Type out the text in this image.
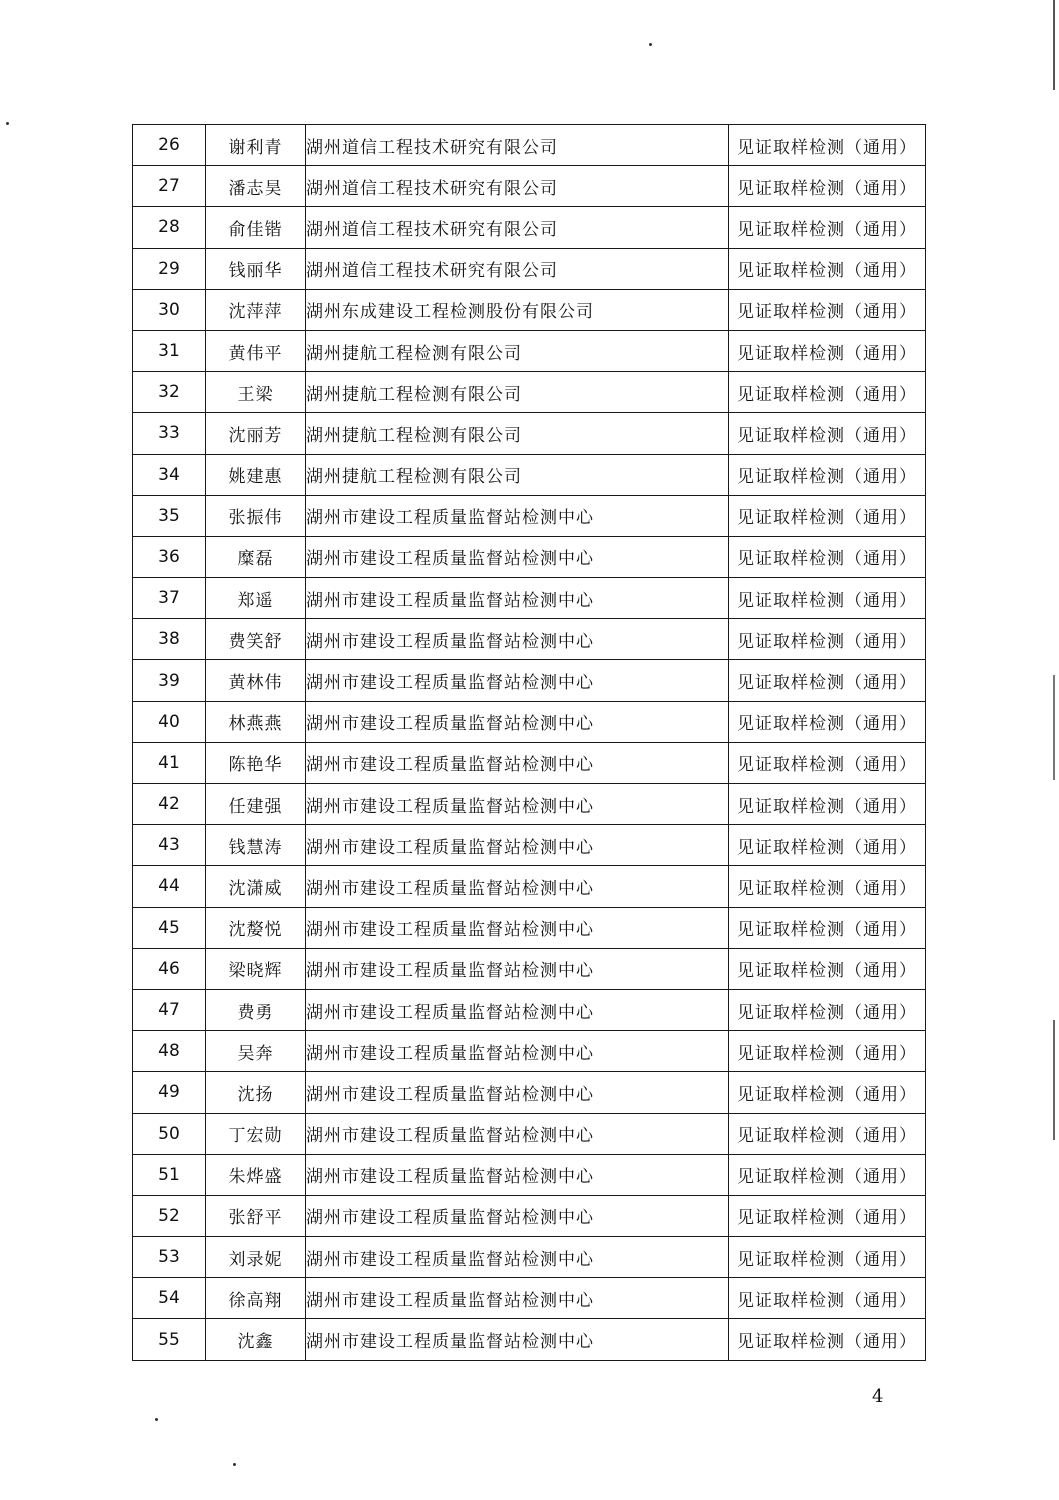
26	谢利青	湖州道信工程技术研究有限公司	见证取样检测（通用）
27	潘志昊	湖州道信工程技术研究有限公司	见证取样检测（通用）
28	俞佳锴	湖州道信工程技术研究有限公司	见证取样检测（通用）
29	钱丽华	湖州道信工程技术研究有限公司	见证取样检测（通用）
30	沈萍萍	湖州东成建设工程检测股份有限公司	见证取样检测（通用）
31	黄伟平	湖州捷航工程检测有限公司	见证取样检测（通用）
32	王梁	湖州捷航工程检测有限公司	见证取样检测（通用）
33	沈丽芳	湖州捷航工程检测有限公司	见证取样检测（通用）
34	姚建惠	湖州捷航工程检测有限公司	见证取样检测（通用）
35	张振伟	湖州市建设工程质量监督站检测中心	见证取样检测（通用）
36	糜磊	湖州市建设工程质量监督站检测中心	见证取样检测（通用）
37	郑遥	湖州市建设工程质量监督站检测中心	见证取样检测（通用）
38	费笑舒	湖州市建设工程质量监督站检测中心	见证取样检测（通用）
39	黄林伟	湖州市建设工程质量监督站检测中心	见证取样检测（通用）
40	林燕燕	湖州市建设工程质量监督站检测中心	见证取样检测（通用）
41	陈艳华	湖州市建设工程质量监督站检测中心	见证取样检测（通用）
42	任建强	湖州市建设工程质量监督站检测中心	见证取样检测（通用）
43	钱慧涛	湖州市建设工程质量监督站检测中心	见证取样检测（通用）
44	沈潇威	湖州市建设工程质量监督站检测中心	见证取样检测（通用）
45	沈嫠悦	湖州市建设工程质量监督站检测中心	见证取样检测（通用）
46	梁晓辉	湖州市建设工程质量监督站检测中心	见证取样检测（通用）
47	费勇	湖州市建设工程质量监督站检测中心	见证取样检测（通用）
48	吴奔	湖州市建设工程质量监督站检测中心	见证取样检测（通用）
49	沈扬	湖州市建设工程质量监督站检测中心	见证取样检测（通用）
50	丁宏勋	湖州市建设工程质量监督站检测中心	见证取样检测（通用）
51	朱烨盛	湖州市建设工程质量监督站检测中心	见证取样检测（通用）
52	张舒平	湖州市建设工程质量监督站检测中心	见证取样检测（通用）
53	刘录妮	湖州市建设工程质量监督站检测中心	见证取样检测（通用）
54	徐高翔	湖州市建设工程质量监督站检测中心	见证取样检测（通用）
55	沈鑫	湖州市建设工程质量监督站检测中心	见证取样检测（通用）
4
